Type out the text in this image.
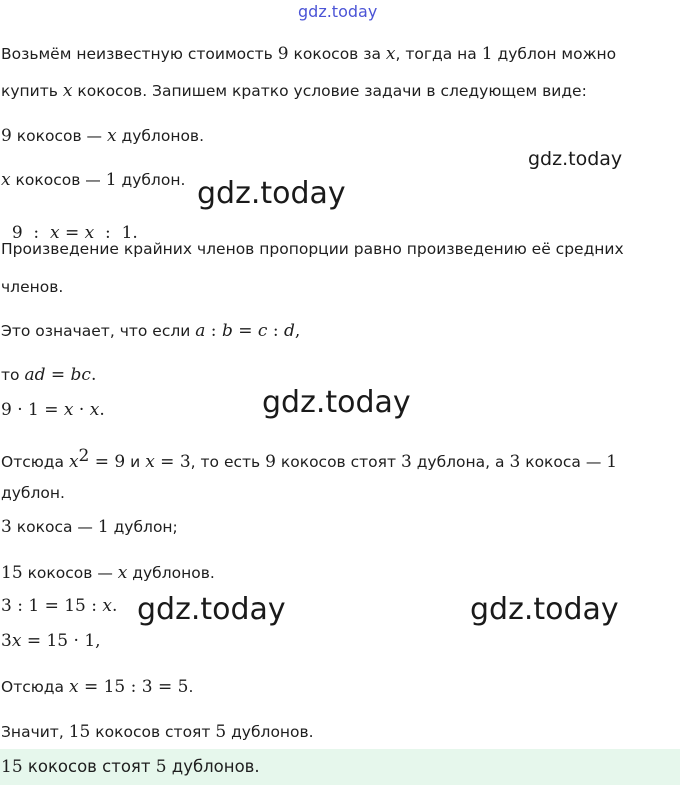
gdz.today
gdz.today
gdz.today
gdz.today
gdz.today	gdz.today
Возьмём неизвестную стоимость 9 кокосов за x, тогда на 1 дублон можно
купить x кокосов. Запишем кратко условие задачи в следующем виде:
9 кокосов — x дублонов.
x кокосов — 1 дублон.

9  :  x = x  :  1.

Произведение крайних членов пропорции равно произведению её средних
членов.
Это означает, что если a : b = c : d,
то ad = bc.
9 · 1 = x · x.
Отсюда $x^2 = 9$ и x = 3, то есть 9 кокосов стоят 3 дублона, а 3 кокоса — 1
дублон.
3 кокоса — 1 дублон;
15 кокосов — x дублонов.
3 : 1 = 15 : x.
3x = 15 · 1,
Отсюда x = 15 : 3 = 5.
Значит, 15 кокосов стоят 5 дублонов.
15 кокосов стоят 5 дублонов.
